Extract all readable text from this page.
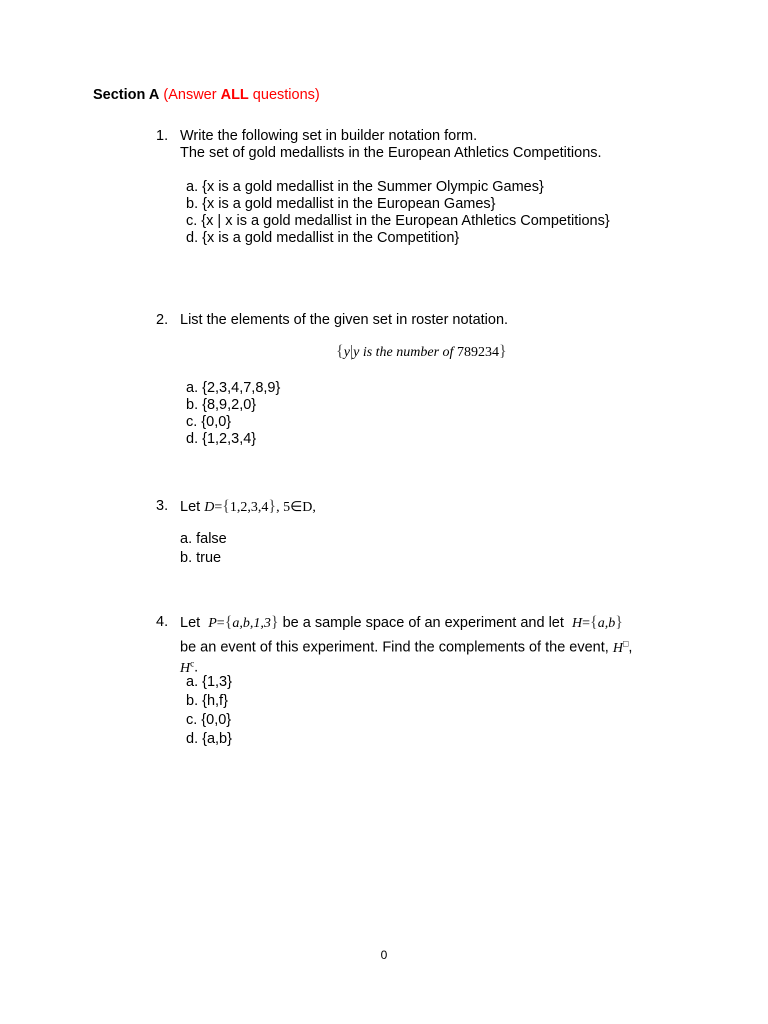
Section A (Answer ALL questions)
1. Write the following set in builder notation form.
The set of gold medallists in the European Athletics Competitions.
a. {x is a gold medallist in the Summer Olympic Games}
b. {x is a gold medallist in the European Games}
c. {x | x is a gold medallist in the European Athletics Competitions}
d. {x is a gold medallist in the Competition}
2. List the elements of the given set in roster notation.
{y|y is the number of 789234}
a. {2,3,4,7,8,9}
b. {8,9,2,0}
c. {0,0}
d. {1,2,3,4}
3. Let D={1,2,3,4}, 5∈D,
a. false
b. true
4. Let  P={a,b,1,3} be a sample space of an experiment and let  H={a,b}
be an event of this experiment. Find the complements of the event, H□,
$H^c$.
a. {1,3}
b. {h,f}
c. {0,0}
d. {a,b}
0
